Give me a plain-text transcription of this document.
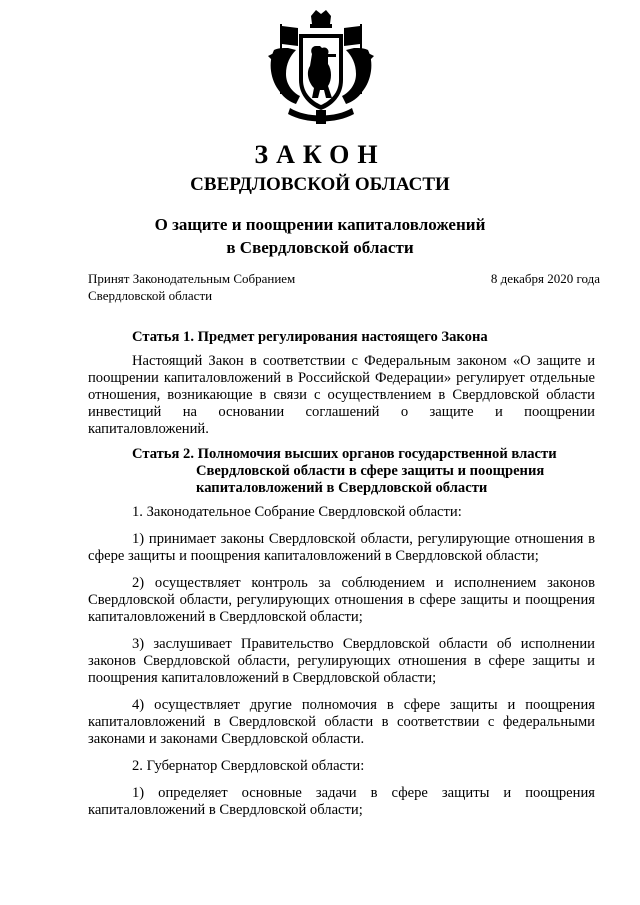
ЗАКОН
СВЕРДЛОВСКОЙ ОБЛАСТИ
О защите и поощрении капиталовложений
в Свердловской области
Принят Законодательным Собранием
Свердловской области
8 декабря 2020 года

Статья 1. Предмет регулирования настоящего Закона

Настоящий Закон в соответствии с Федеральным законом «О защите и поощрении капиталовложений в Российской Федерации» регулирует отдельные отношения, возникающие в связи с осуществлением в Свердловской области инвестиций на основании соглашений о защите и поощрении капиталовложений.

Статья 2. Полномочия высших органов государственной власти
Свердловской области в сфере защиты и поощрения
капиталовложений в Свердловской области

1. Законодательное Собрание Свердловской области:

1) принимает законы Свердловской области, регулирующие отношения в сфере защиты и поощрения капиталовложений в Свердловской области;

2) осуществляет контроль за соблюдением и исполнением законов Свердловской области, регулирующих отношения в сфере защиты и поощрения капиталовложений в Свердловской области;

3) заслушивает Правительство Свердловской области об исполнении законов Свердловской области, регулирующих отношения в сфере защиты и поощрения капиталовложений в Свердловской области;

4) осуществляет другие полномочия в сфере защиты и поощрения капиталовложений в Свердловской области в соответствии с федеральными законами и законами Свердловской области.

2. Губернатор Свердловской области:

1) определяет основные задачи в сфере защиты и поощрения капиталовложений в Свердловской области;
